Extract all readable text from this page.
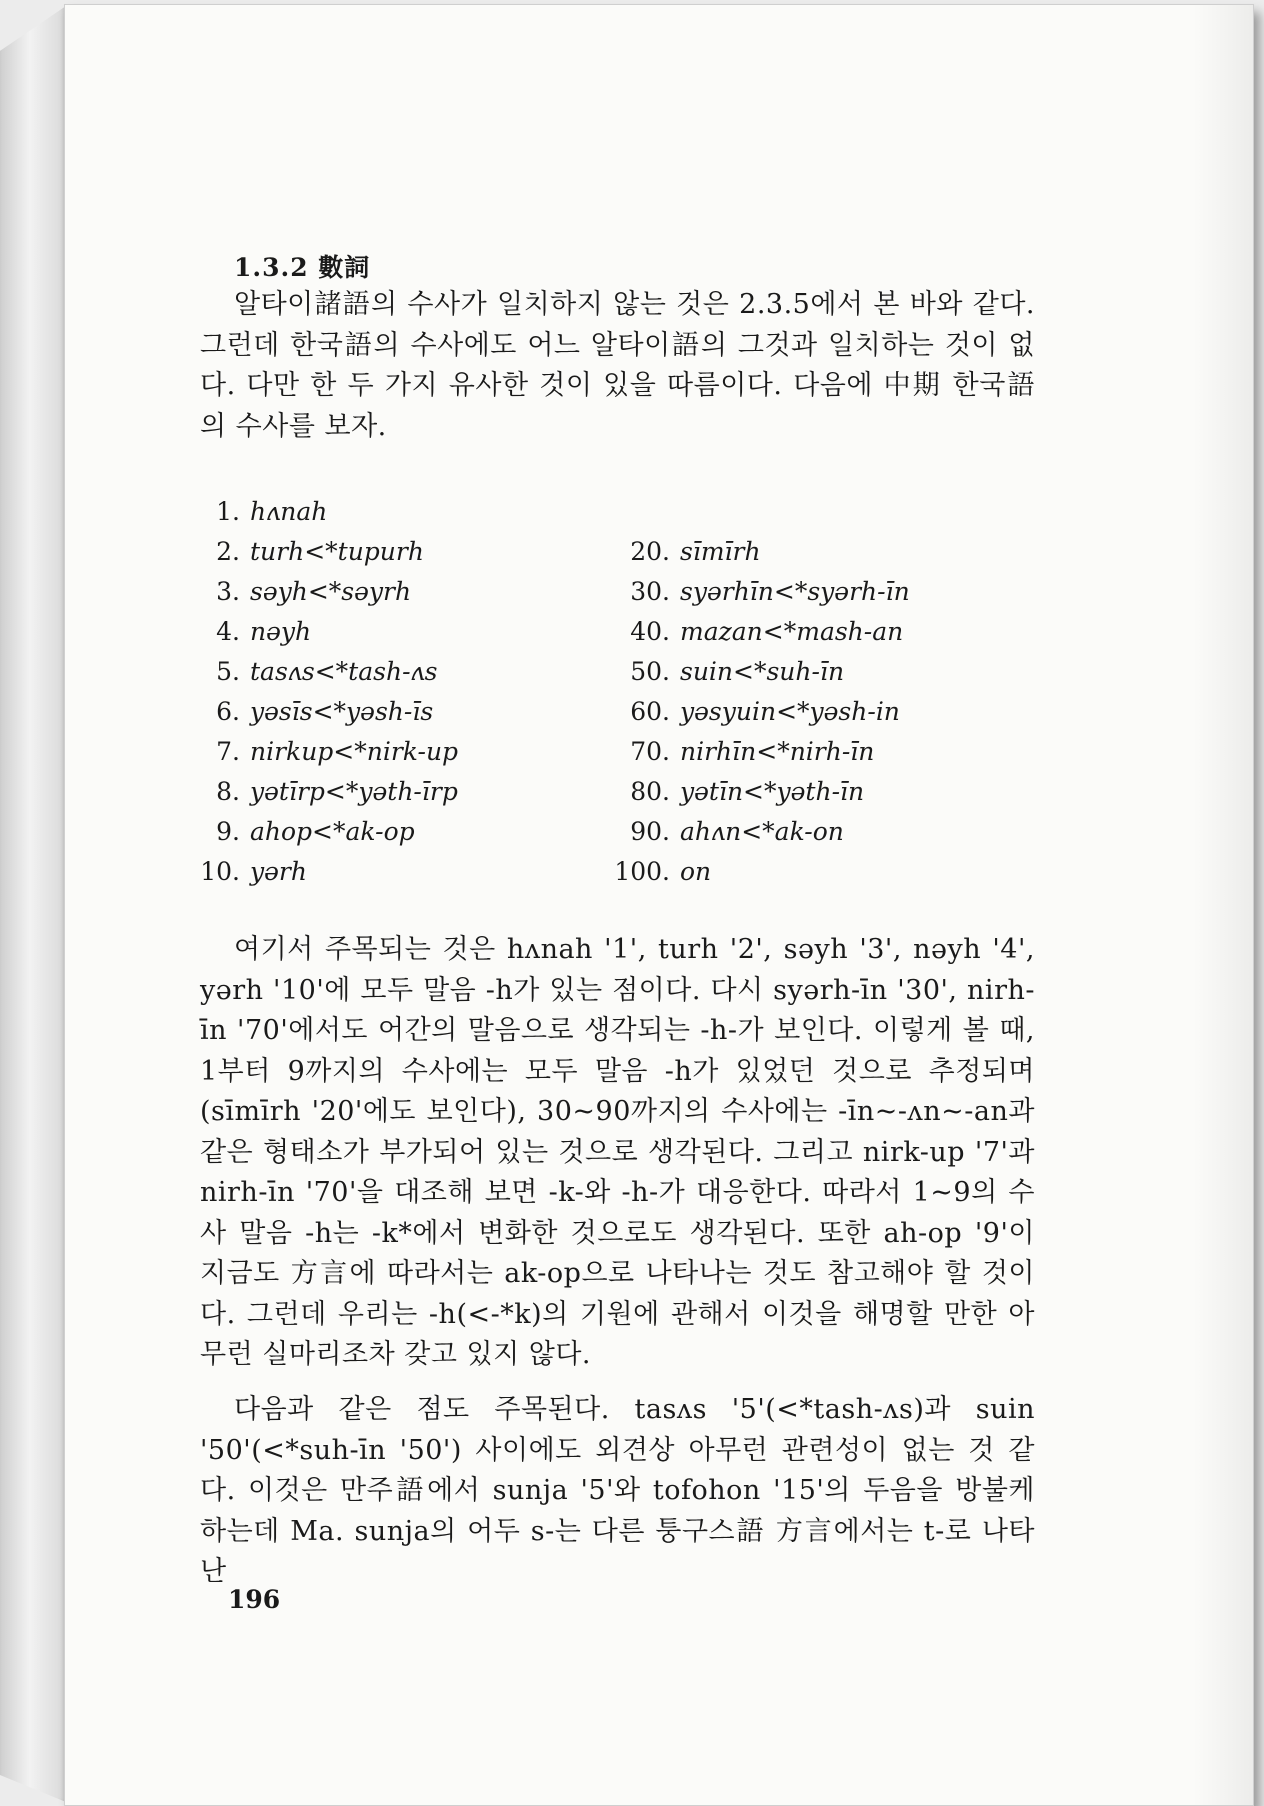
1.3.2 數詞

알타이諸語의 수사가 일치하지 않는 것은 2.3.5에서 본 바와 같다. 그런데 한국語의 수사에도 어느 알타이語의 그것과 일치하는 것이 없다. 다만 한 두 가지 유사한 것이 있을 따름이다. 다음에 中期 한국語의 수사를 보자.

1. hʌnah
2. turh<*tupurh
3. səyh<*səyrh
4. nəyh
5. tasʌs<*tash-ʌs
6. yəsīs<*yəsh-īs
7. nirkup<*nirk-up
8. yətīrp<*yəth-īrp
9. ahop<*ak-op
10. yərh
20. sīmīrh
30. syərhīn<*syərh-īn
40. mazan<*mash-an
50. suin<*suh-īn
60. yəsyuin<*yəsh-in
70. nirhīn<*nirh-īn
80. yətīn<*yəth-īn
90. ahʌn<*ak-on
100. on

여기서 주목되는 것은 hʌnah '1', turh '2', səyh '3', nəyh '4', yərh '10'에 모두 말음 -h가 있는 점이다. 다시 syərh-īn '30', nirh-īn '70'에서도 어간의 말음으로 생각되는 -h-가 보인다. 이렇게 볼 때, 1부터 9까지의 수사에는 모두 말음 -h가 있었던 것으로 추정되며 (sīmīrh '20'에도 보인다), 30~90까지의 수사에는 -īn~-ʌn~-an과 같은 형태소가 부가되어 있는 것으로 생각된다. 그리고 nirk-up '7'과 nirh-īn '70'을 대조해 보면 -k-와 -h-가 대응한다. 따라서 1~9의 수사 말음 -h는 -k*에서 변화한 것으로도 생각된다. 또한 ah-op '9'이 지금도 方言에 따라서는 ak-op으로 나타나는 것도 참고해야 할 것이다. 그런데 우리는 -h(<-*k)의 기원에 관해서 이것을 해명할 만한 아무런 실마리조차 갖고 있지 않다.

다음과 같은 점도 주목된다. tasʌs '5'(<*tash-ʌs)과 suin '50'(<*suh-īn '50') 사이에도 외견상 아무런 관련성이 없는 것 같다. 이것은 만주語에서 sunja '5'와 tofohon '15'의 두음을 방불케 하는데 Ma. sunja의 어두 s-는 다른 퉁구스語 方言에서는 t-로 나타난

196
